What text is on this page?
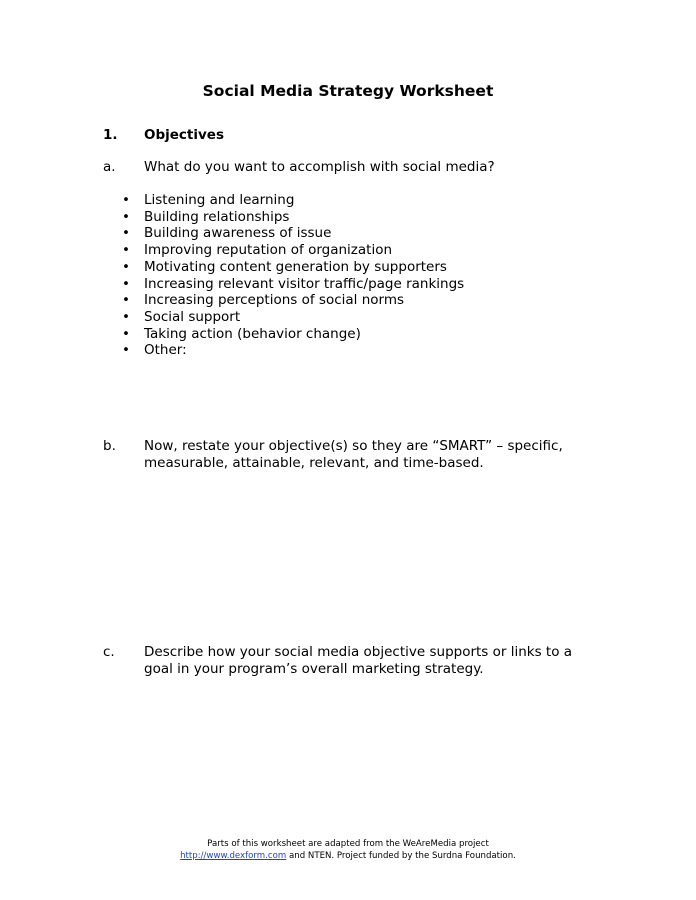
Social Media Strategy Worksheet
1. Objectives
a. What do you want to accomplish with social media?
• Listening and learning
• Building relationships
• Building awareness of issue
• Improving reputation of organization
• Motivating content generation by supporters
• Increasing relevant visitor traffic/page rankings
• Increasing perceptions of social norms
• Social support
• Taking action (behavior change)
• Other:
b. Now, restate your objective(s) so they are “SMART” – specific, measurable, attainable, relevant, and time-based.
c. Describe how your social media objective supports or links to a goal in your program’s overall marketing strategy.
Parts of this worksheet are adapted from the WeAreMedia project
http://www.dexform.com and NTEN. Project funded by the Surdna Foundation.
